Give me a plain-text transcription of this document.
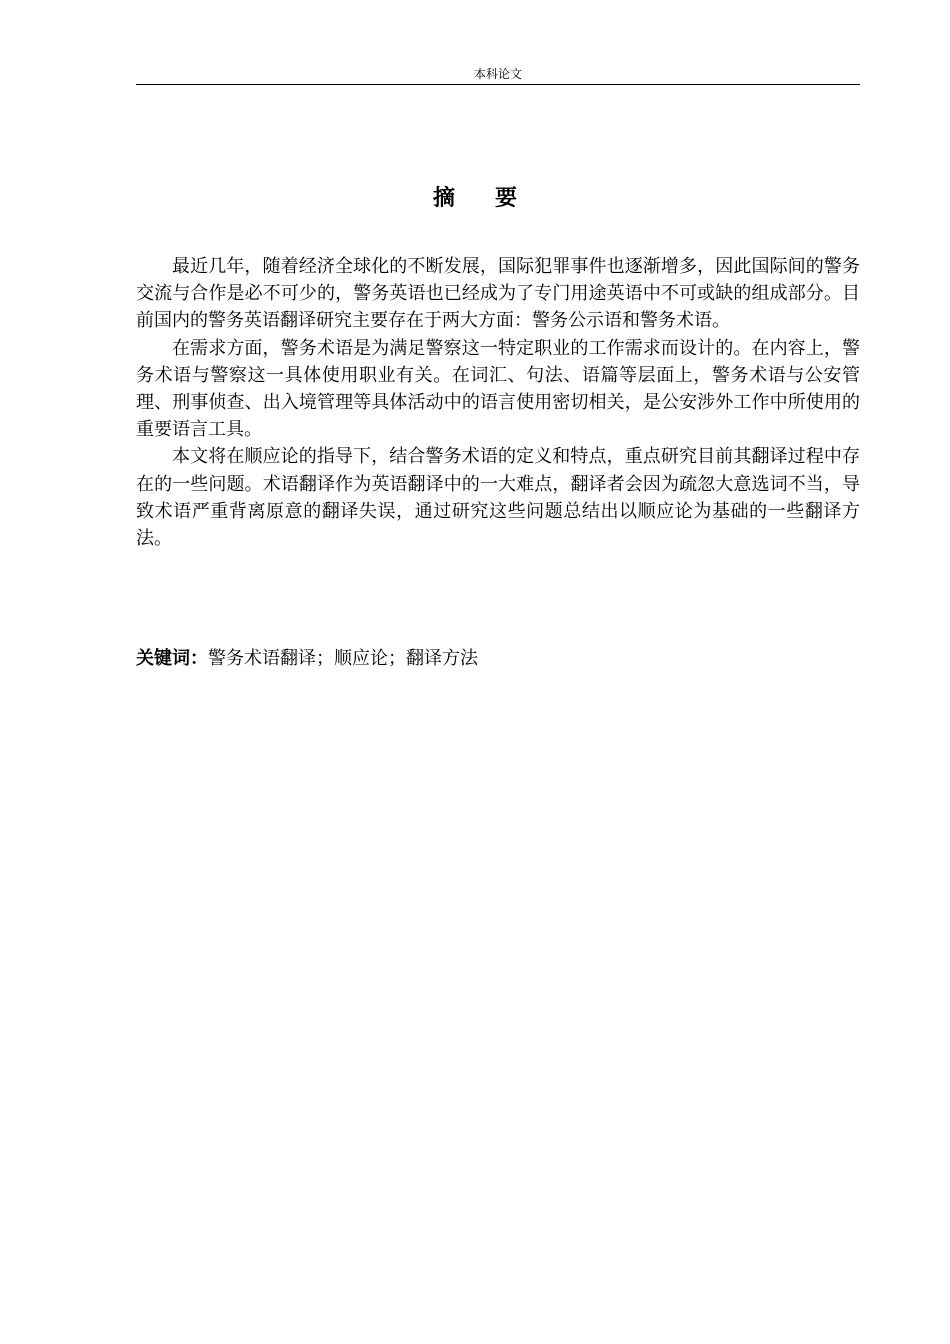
本科论文
摘 要

最近几年，随着经济全球化的不断发展，国际犯罪事件也逐渐增多，因此国际间的警务交流与合作是必不可少的，警务英语也已经成为了专门用途英语中不可或缺的组成部分。目前国内的警务英语翻译研究主要存在于两大方面：警务公示语和警务术语。

在需求方面，警务术语是为满足警察这一特定职业的工作需求而设计的。在内容上，警务术语与警察这一具体使用职业有关。在词汇、句法、语篇等层面上，警务术语与公安管理、刑事侦查、出入境管理等具体活动中的语言使用密切相关，是公安涉外工作中所使用的重要语言工具。

本文将在顺应论的指导下，结合警务术语的定义和特点，重点研究目前其翻译过程中存在的一些问题。术语翻译作为英语翻译中的一大难点，翻译者会因为疏忽大意选词不当，导致术语严重背离原意的翻译失误，通过研究这些问题总结出以顺应论为基础的一些翻译方法。

关键词：警务术语翻译；顺应论；翻译方法
